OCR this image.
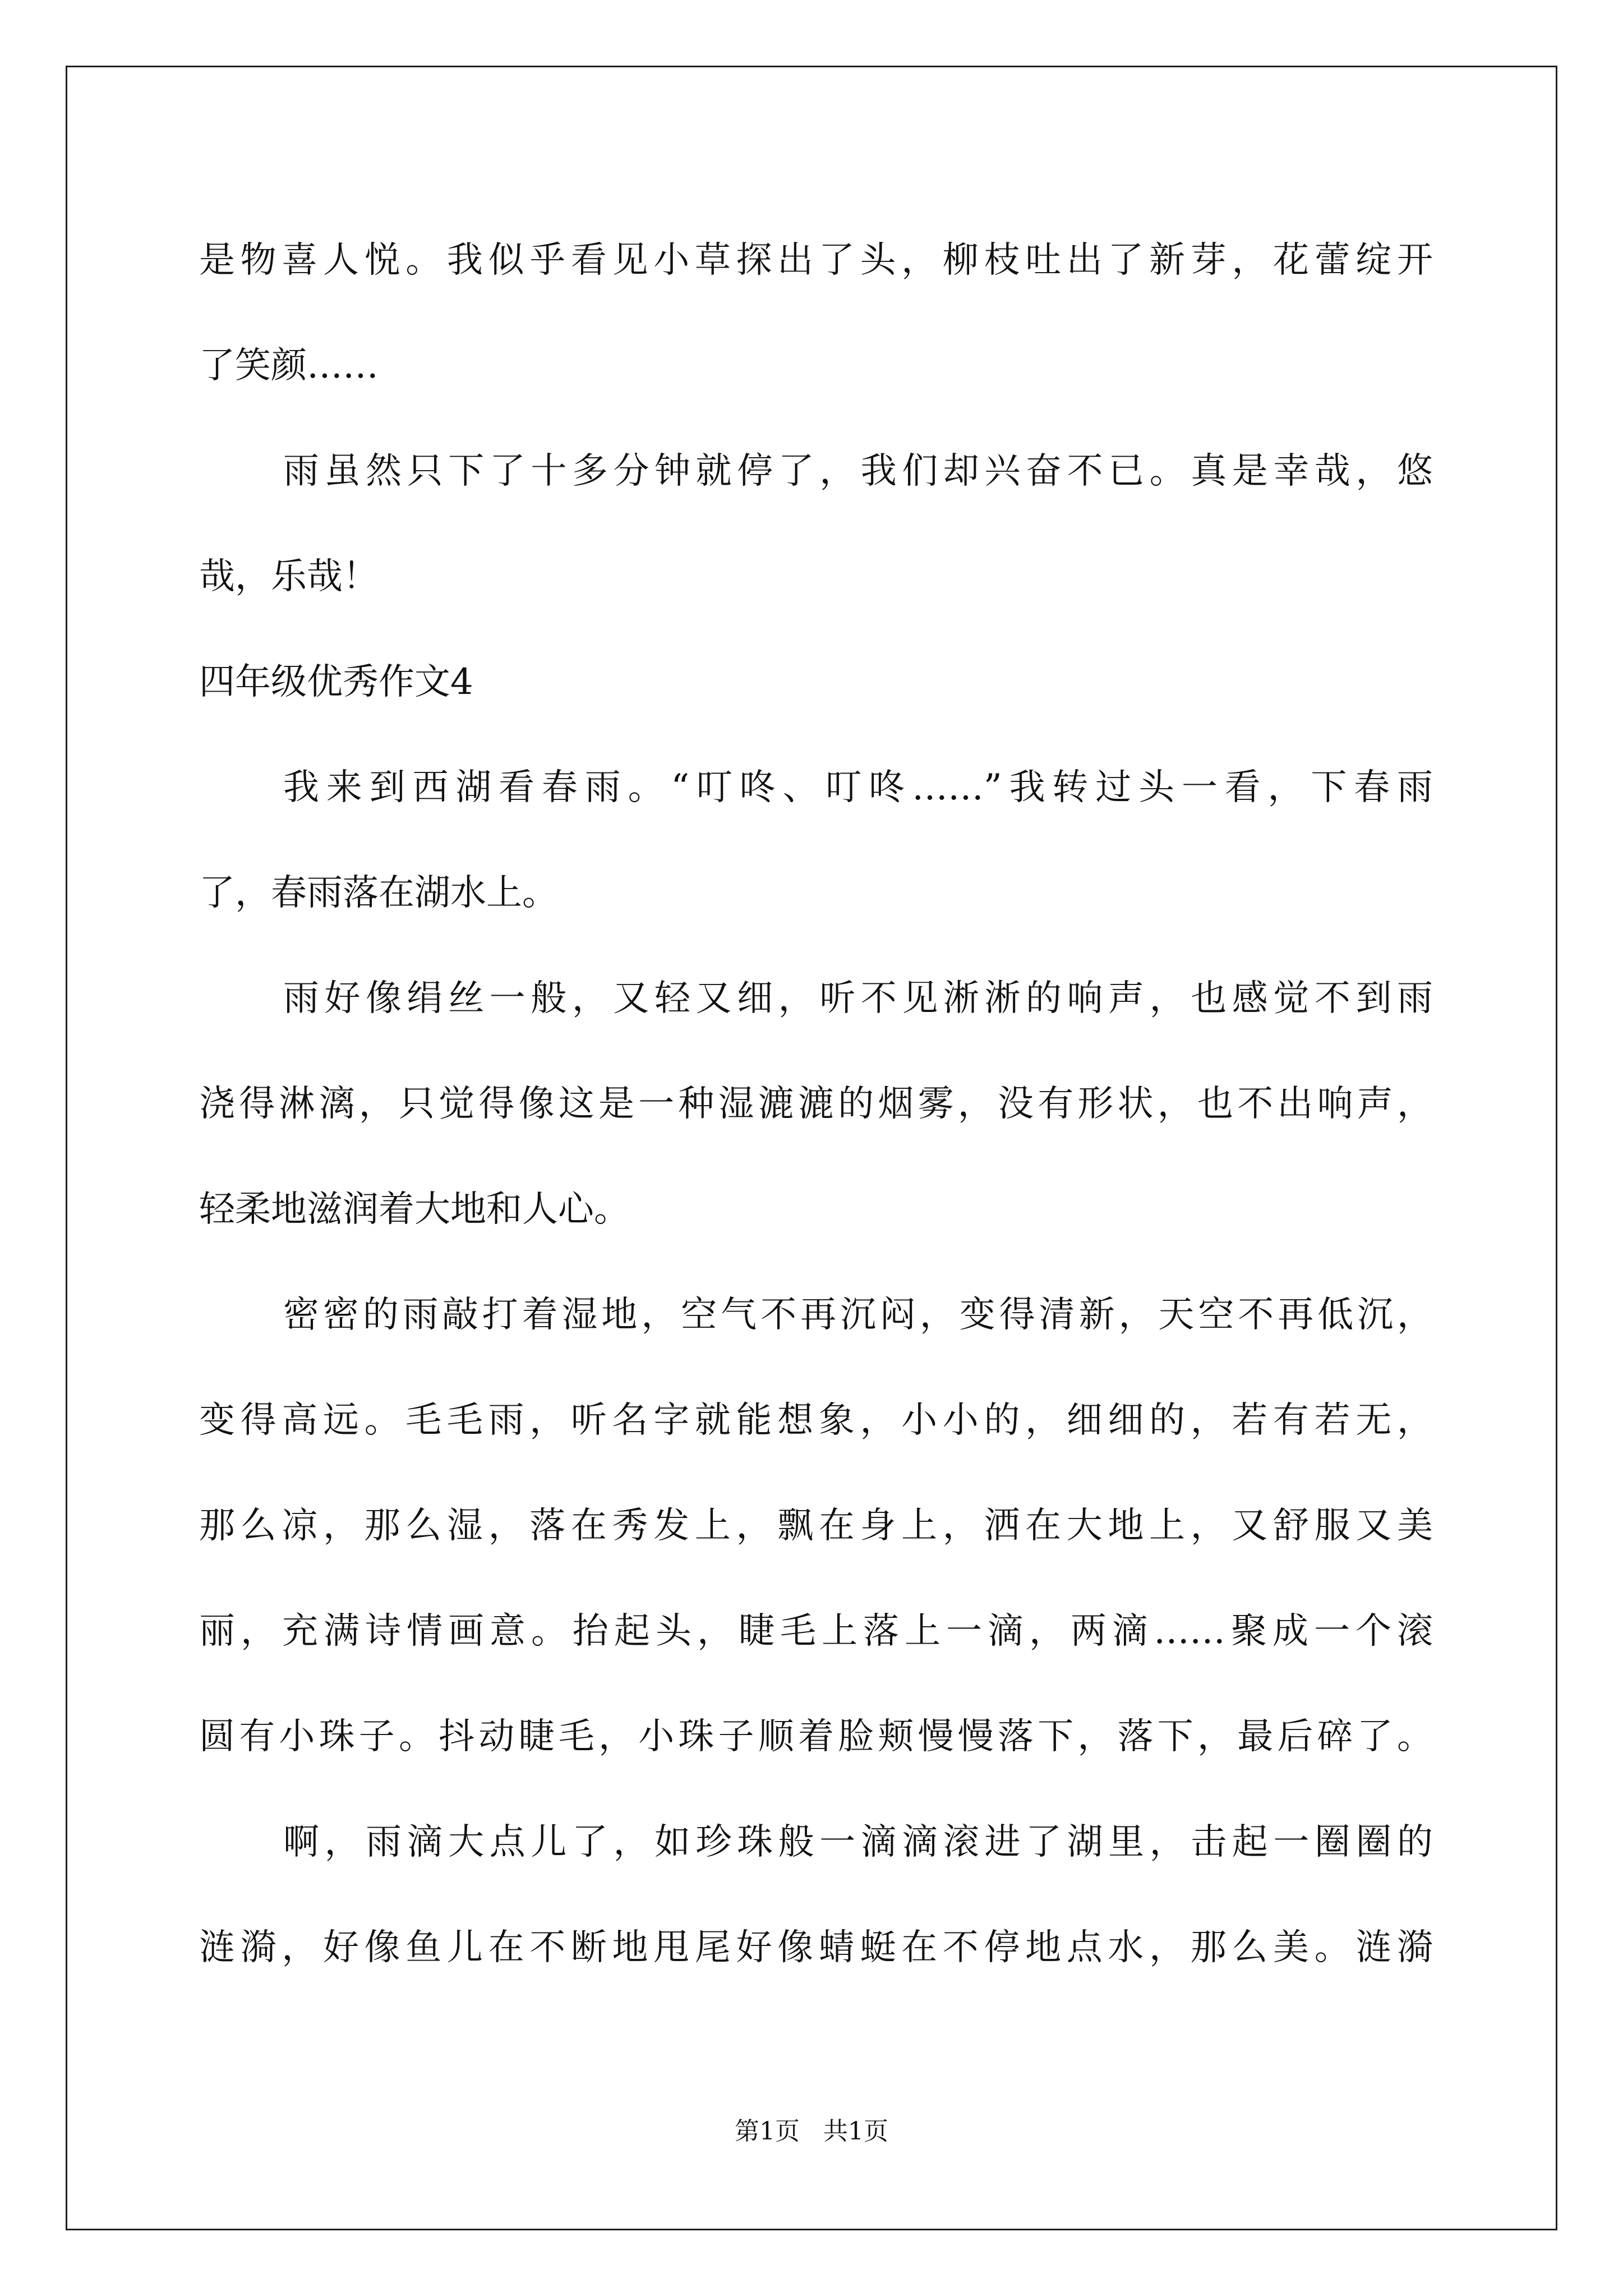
是物喜人悦。我似乎看见小草探出了头，柳枝吐出了新芽，花蕾绽开
了笑颜……
雨虽然只下了十多分钟就停了，我们却兴奋不已。真是幸哉，悠
哉，乐哉！
四年级优秀作文4
我来到西湖看春雨。“叮咚、叮咚……”我转过头一看，下春雨
了，春雨落在湖水上。
雨好像绢丝一般，又轻又细，听不见淅淅的响声，也感觉不到雨
浇得淋漓，只觉得像这是一种湿漉漉的烟雾，没有形状，也不出响声，
轻柔地滋润着大地和人心。
密密的雨敲打着湿地，空气不再沉闷，变得清新，天空不再低沉，
变得高远。毛毛雨，听名字就能想象，小小的，细细的，若有若无，
那么凉，那么湿，落在秀发上，飘在身上，洒在大地上，又舒服又美
丽，充满诗情画意。抬起头，睫毛上落上一滴，两滴……聚成一个滚
圆有小珠子。抖动睫毛，小珠子顺着脸颊慢慢落下，落下，最后碎了。
啊，雨滴大点儿了，如珍珠般一滴滴滚进了湖里，击起一圈圈的
涟漪，好像鱼儿在不断地甩尾好像蜻蜓在不停地点水，那么美。涟漪
第1页   共1页
